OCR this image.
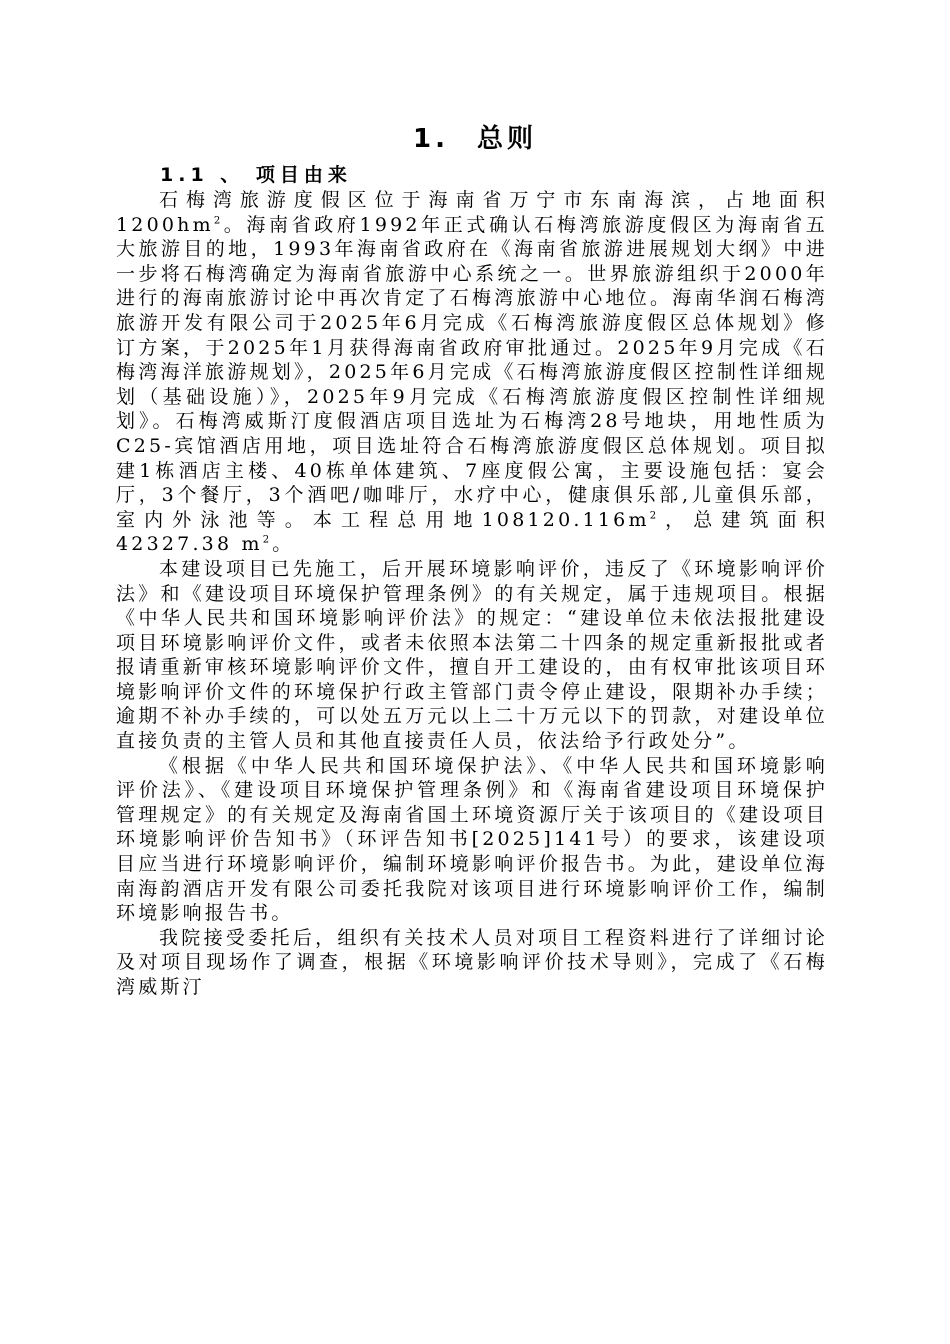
1. 总则
1.1 、 项目由来

石梅湾旅游度假区位于海南省万宁市东南海滨，占地面积$1200hm^2$。海南省政府1992年正式确认石梅湾旅游度假区为海南省五大旅游目的地，1993年海南省政府在《海南省旅游进展规划大纲》中进一步将石梅湾确定为海南省旅游中心系统之一。世界旅游组织于2000年进行的海南旅游讨论中再次肯定了石梅湾旅游中心地位。海南华润石梅湾旅游开发有限公司于2025年6月完成《石梅湾旅游度假区总体规划》修订方案，于2025年1月获得海南省政府审批通过。2025年9月完成《石梅湾海洋旅游规划》，2025年6月完成《石梅湾旅游度假区控制性详细规划（基础设施）》，2025年9月完成《石梅湾旅游度假区控制性详细规划》。石梅湾威斯汀度假酒店项目选址为石梅湾28号地块，用地性质为C25-宾馆酒店用地，项目选址符合石梅湾旅游度假区总体规划。项目拟建1栋酒店主楼、40栋单体建筑、7座度假公寓，主要设施包括：宴会厅，3个餐厅，3个酒吧/咖啡厅，水疗中心，健康俱乐部,儿童俱乐部，室内外泳池等。本工程总用地$108120.116m^2$，总建筑面积 42327.38 $m^2$。

本建设项目已先施工，后开展环境影响评价，违反了《环境影响评价法》和《建设项目环境保护管理条例》的有关规定，属于违规项目。根据《中华人民共和国环境影响评价法》的规定：“建设单位未依法报批建设项目环境影响评价文件，或者未依照本法第二十四条的规定重新报批或者报请重新审核环境影响评价文件，擅自开工建设的，由有权审批该项目环境影响评价文件的环境保护行政主管部门责令停止建设，限期补办手续；逾期不补办手续的，可以处五万元以上二十万元以下的罚款，对建设单位直接负责的主管人员和其他直接责任人员，依法给予行政处分”。

《根据《中华人民共和国环境保护法》、《中华人民共和国环境影响评价法》、《建设项目环境保护管理条例》和《海南省建设项目环境保护管理规定》的有关规定及海南省国土环境资源厅关于该项目的《建设项目环境影响评价告知书》（环评告知书[2025]141号）的要求，该建设项目应当进行环境影响评价，编制环境影响评价报告书。为此，建设单位海南海韵酒店开发有限公司委托我院对该项目进行环境影响评价工作，编制环境影响报告书。

我院接受委托后，组织有关技术人员对项目工程资料进行了详细讨论及对项目现场作了调查，根据《环境影响评价技术导则》，完成了《石梅湾威斯汀
